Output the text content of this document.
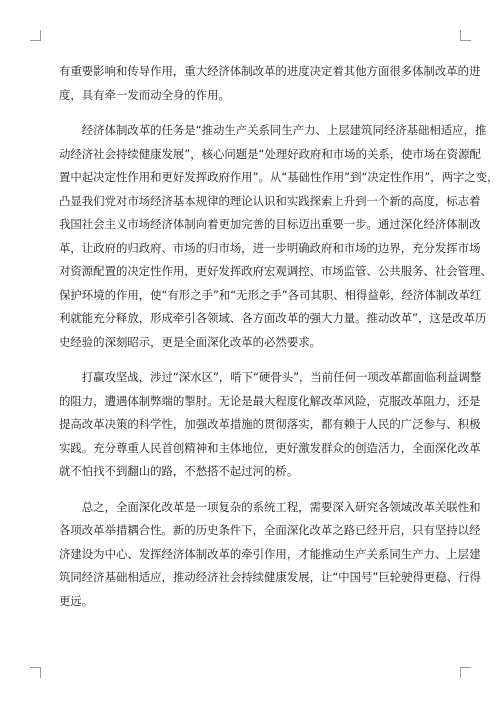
有重要影响和传导作用，重大经济体制改革的进度决定着其他方面很多体制改革的进
度，具有牵一发而动全身的作用。
　　经济体制改革的任务是“推动生产关系同生产力、上层建筑同经济基础相适应，推
动经济社会持续健康发展”，核心问题是“处理好政府和市场的关系，使市场在资源配
置中起决定性作用和更好发挥政府作用”。从“基础性作用”到“决定性作用”，两字之变，
凸显我们党对市场经济基本规律的理论认识和实践探索上升到一个新的高度，标志着
我国社会主义市场经济体制向着更加完善的目标迈出重要一步。通过深化经济体制改
革，让政府的归政府、市场的归市场，进一步明确政府和市场的边界，充分发挥市场
对资源配置的决定性作用，更好发挥政府宏观调控、市场监管、公共服务、社会管理、
保护环境的作用，使“有形之手”和“无形之手”各司其职、相得益彰，经济体制改革红
利就能充分释放，形成牵引各领域、各方面改革的强大力量。推动改革”，这是改革历
史经验的深刻昭示，更是全面深化改革的必然要求。
　　打赢攻坚战，涉过“深水区”，啃下“硬骨头”，当前任何一项改革都面临利益调整
的阻力，遭遇体制弊端的掣肘。无论是最大程度化解改革风险，克服改革阻力，还是
提高改革决策的科学性，加强改革措施的贯彻落实，都有赖于人民的广泛参与、积极
实践。充分尊重人民首创精神和主体地位，更好激发群众的创造活力，全面深化改革
就不怕找不到翻山的路，不愁搭不起过河的桥。
　　总之，全面深化改革是一项复杂的系统工程，需要深入研究各领域改革关联性和
各项改革举措耦合性。新的历史条件下，全面深化改革之路已经开启，只有坚持以经
济建设为中心、发挥经济体制改革的牵引作用，才能推动生产关系同生产力、上层建
筑同经济基础相适应，推动经济社会持续健康发展，让“中国号”巨轮驶得更稳、行得
更远。
